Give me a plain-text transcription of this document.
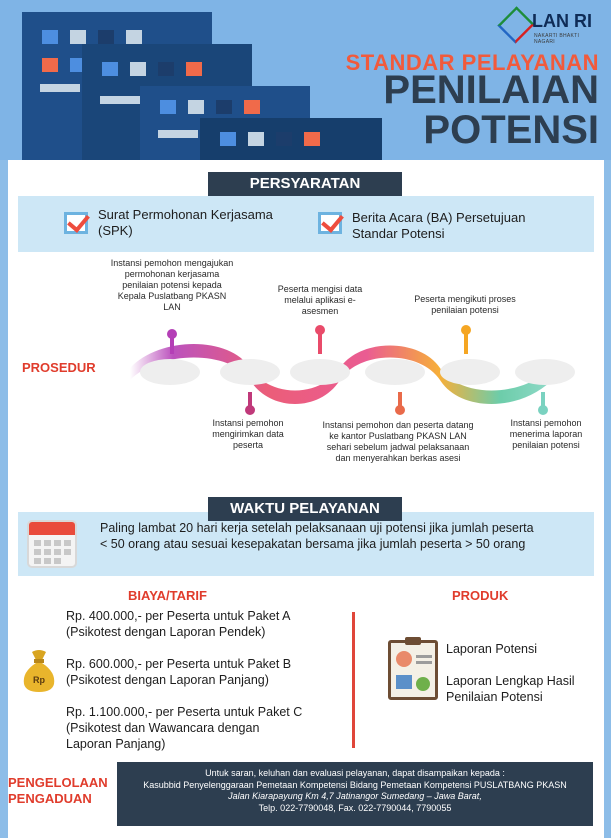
LAN RI
NAKARTI BHAKTI NAGARI
STANDAR PELAYANAN
PENILAIAN
POTENSI
PERSYARATAN
Surat Permohonan Kerjasama (SPK)
Berita Acara (BA) Persetujuan Standar Potensi
PROSEDUR
Instansi pemohon mengajukan permohonan kerjasama penilaian potensi kepada Kepala Puslatbang PKASN LAN
Peserta mengisi data melalui aplikasi e-asesmen
Peserta mengikuti proses penilaian potensi
Instansi pemohon mengirimkan data peserta
Instansi pemohon dan peserta datang ke kantor Puslatbang PKASN LAN sehari sebelum jadwal pelaksanaan dan menyerahkan berkas asesi
Instansi pemohon menerima laporan penilaian potensi
WAKTU PELAYANAN
Paling lambat 20 hari kerja setelah pelaksanaan uji potensi jika jumlah peserta < 50 orang atau sesuai kesepakatan bersama jika jumlah peserta > 50 orang
BIAYA/TARIF	PRODUK
Rp
Rp. 400.000,- per Peserta untuk Paket A
(Psikotest dengan Laporan Pendek)
Rp. 600.000,- per Peserta untuk Paket B
(Psikotest dengan Laporan Panjang)
Rp. 1.100.000,- per Peserta untuk Paket C
(Psikotest dan Wawancara dengan Laporan Panjang)
Laporan Potensi
Laporan Lengkap Hasil Penilaian Potensi
PENGELOLAAN
PENGADUAN
Untuk saran, keluhan dan evaluasi pelayanan, dapat disampaikan kepada :
Kasubbid Penyelenggaraan Pemetaan Kompetensi Bidang Pemetaan Kompetensi PUSLATBANG PKASN
Jalan Kiarapayung Km 4,7 Jatinangor Sumedang – Jawa Barat,
Telp. 022-7790048, Fax. 022-7790044, 7790055
